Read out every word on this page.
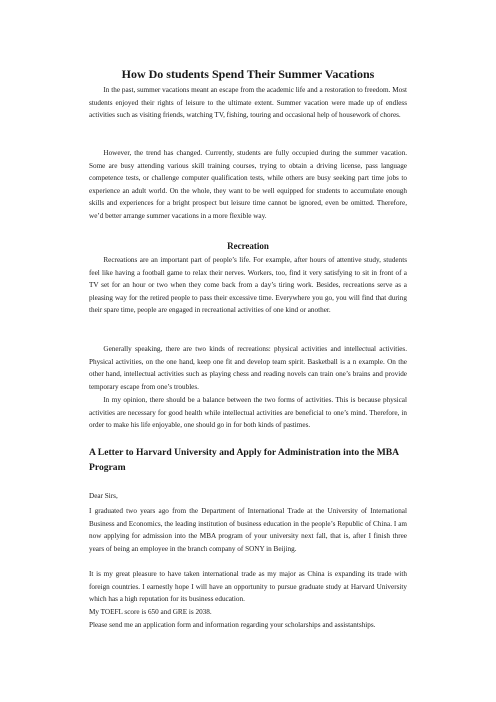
How Do students Spend Their Summer Vacations

In the past, summer vacations meant an escape from the academic life and a restoration to freedom. Most students enjoyed their rights of leisure to the ultimate extent. Summer vacation were made up of endless activities such as visiting friends, watching TV, fishing, touring and occasional help of housework of chores.

However, the trend has changed. Currently, students are fully occupied during the summer vacation. Some are busy attending various skill training courses, trying to obtain a driving license, pass language competence tests, or challenge computer qualification tests, while others are busy seeking part time jobs to experience an adult world. On the whole, they want to be well equipped for students to accumulate enough skills and experiences for a bright prospect but leisure time cannot be ignored, even be omitted. Therefore, we’d better arrange summer vacations in a more flexible way.

Recreation

Recreations are an important part of people’s life. For example, after hours of attentive study, students feel like having a football game to relax their nerves. Workers, too, find it very satisfying to sit in front of a TV set for an hour or two when they come back from a day’s tiring work. Besides, recreations serve as a pleasing way for the retired people to pass their excessive time. Everywhere you go, you will find that during their spare time, people are engaged in recreational activities of one kind or another.

Generally speaking, there are two kinds of recreations: physical activities and intellectual activities. Physical activities, on the one hand, keep one fit and develop team spirit. Basketball is a n example. On the other hand, intellectual activities such as playing chess and reading novels can train one’s brains and provide temporary escape from one’s troubles.

In my opinion, there should be a balance between the two forms of activities. This is because physical activities are necessary for good health while intellectual activities are beneficial to one’s mind. Therefore, in order to make his life enjoyable, one should go in for both kinds of pastimes.

A Letter to Harvard University and Apply for Administration into the MBA Program

Dear Sirs,

I graduated two years ago from the Department of International Trade at the University of International Business and Economics, the leading institution of business education in the people’s Republic of China. I am now applying for admission into the MBA program of your university next fall, that is, after I finish three years of being an employee in the branch company of SONY in Beijing.

It is my great pleasure to have taken international trade as my major as China is expanding its trade with foreign countries. I earnestly hope I will have an opportunity to pursue graduate study at Harvard University which has a high reputation for its business education.

My TOEFL score is 650 and GRE is 2038.

Please send me an application form and information regarding your scholarships and assistantships.
